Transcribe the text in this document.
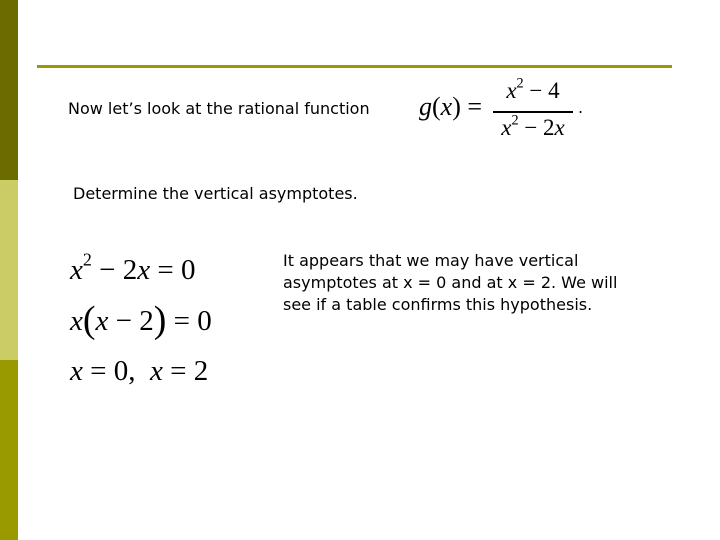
Now let’s look at the rational function g(x) =
$x^2 - 4$
$x^2 - 2x$
.
Determine the vertical asymptotes.
$x^2 - 2x = 0$
x(x − 2) = 0
x = 0,  x = 2
It appears that we may have vertical
asymptotes at x = 0 and at x = 2. We will
see if a table confirms this hypothesis.
